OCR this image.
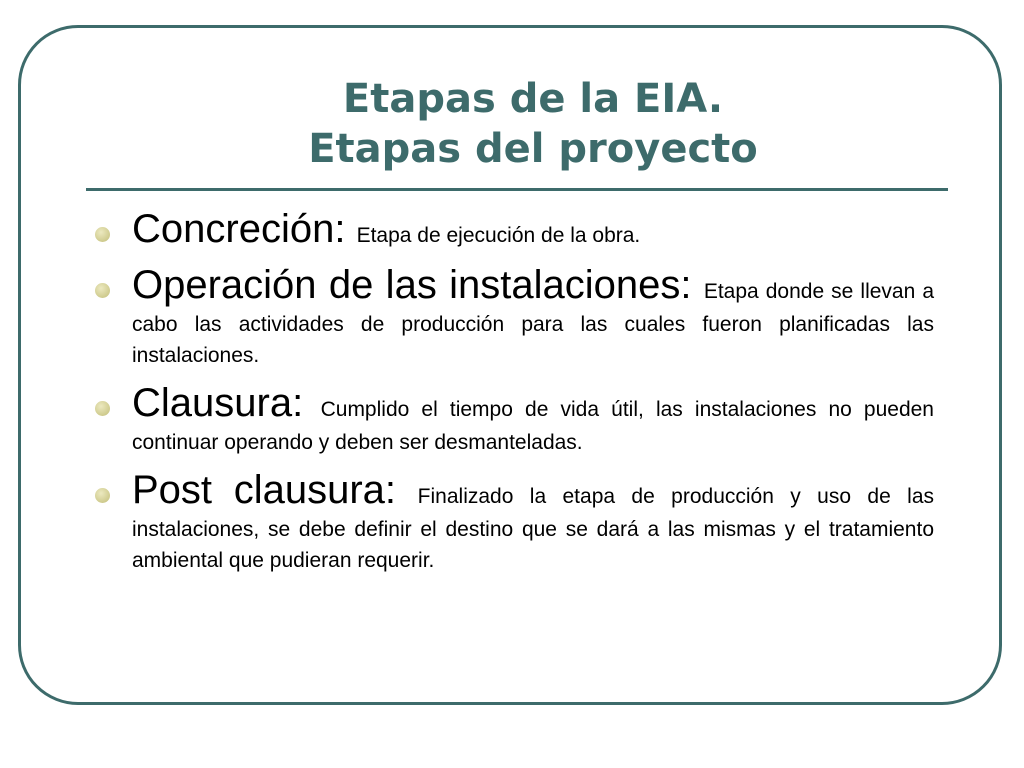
Etapas de la EIA.
Etapas del proyecto
Concreción: Etapa de ejecución de la obra.
Operación de las instalaciones: Etapa donde se llevan a cabo las actividades de producción para las cuales fueron planificadas las instalaciones.
Clausura: Cumplido el tiempo de vida útil, las instalaciones no pueden continuar operando y deben ser desmanteladas.
Post clausura: Finalizado la etapa de producción y uso de las instalaciones, se debe definir el destino que se dará a las mismas y el tratamiento ambiental que pudieran requerir.
